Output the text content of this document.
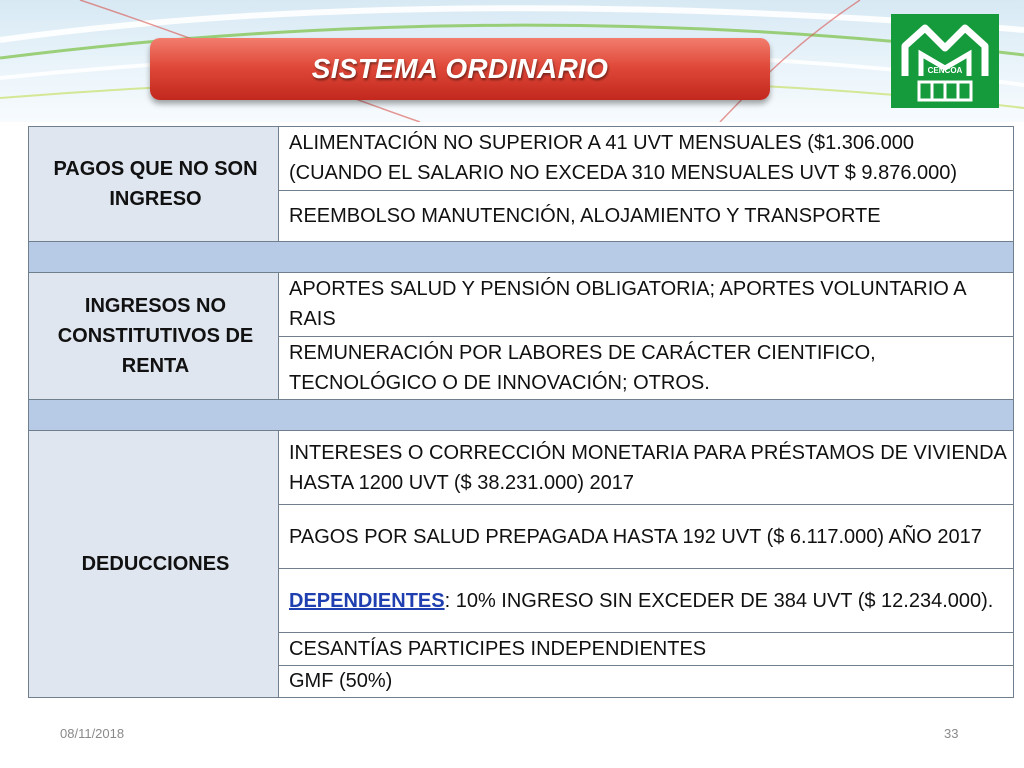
SISTEMA ORDINARIO	CENCOA
PAGOS QUE NO SON INGRESO	ALIMENTACIÓN NO SUPERIOR A 41 UVT MENSUALES ($1.306.000 (CUANDO EL SALARIO NO EXCEDA 310 MENSUALES UVT $ 9.876.000)
	REEMBOLSO MANUTENCIÓN, ALOJAMIENTO Y TRANSPORTE

INGRESOS NO CONSTITUTIVOS DE RENTA	APORTES SALUD Y PENSIÓN OBLIGATORIA; APORTES VOLUNTARIO A RAIS
	REMUNERACIÓN POR LABORES DE CARÁCTER CIENTIFICO, TECNOLÓGICO O DE INNOVACIÓN; OTROS.

DEDUCCIONES	INTERESES O CORRECCIÓN MONETARIA PARA PRÉSTAMOS DE VIVIENDA HASTA 1200 UVT ($ 38.231.000) 2017
	PAGOS POR SALUD PREPAGADA HASTA 192 UVT ($ 6.117.000) AÑO 2017
	DEPENDIENTES: 10% INGRESO SIN EXCEDER DE 384 UVT ($ 12.234.000).
	CESANTÍAS PARTICIPES INDEPENDIENTES
	GMF (50%)
08/11/2018	33
